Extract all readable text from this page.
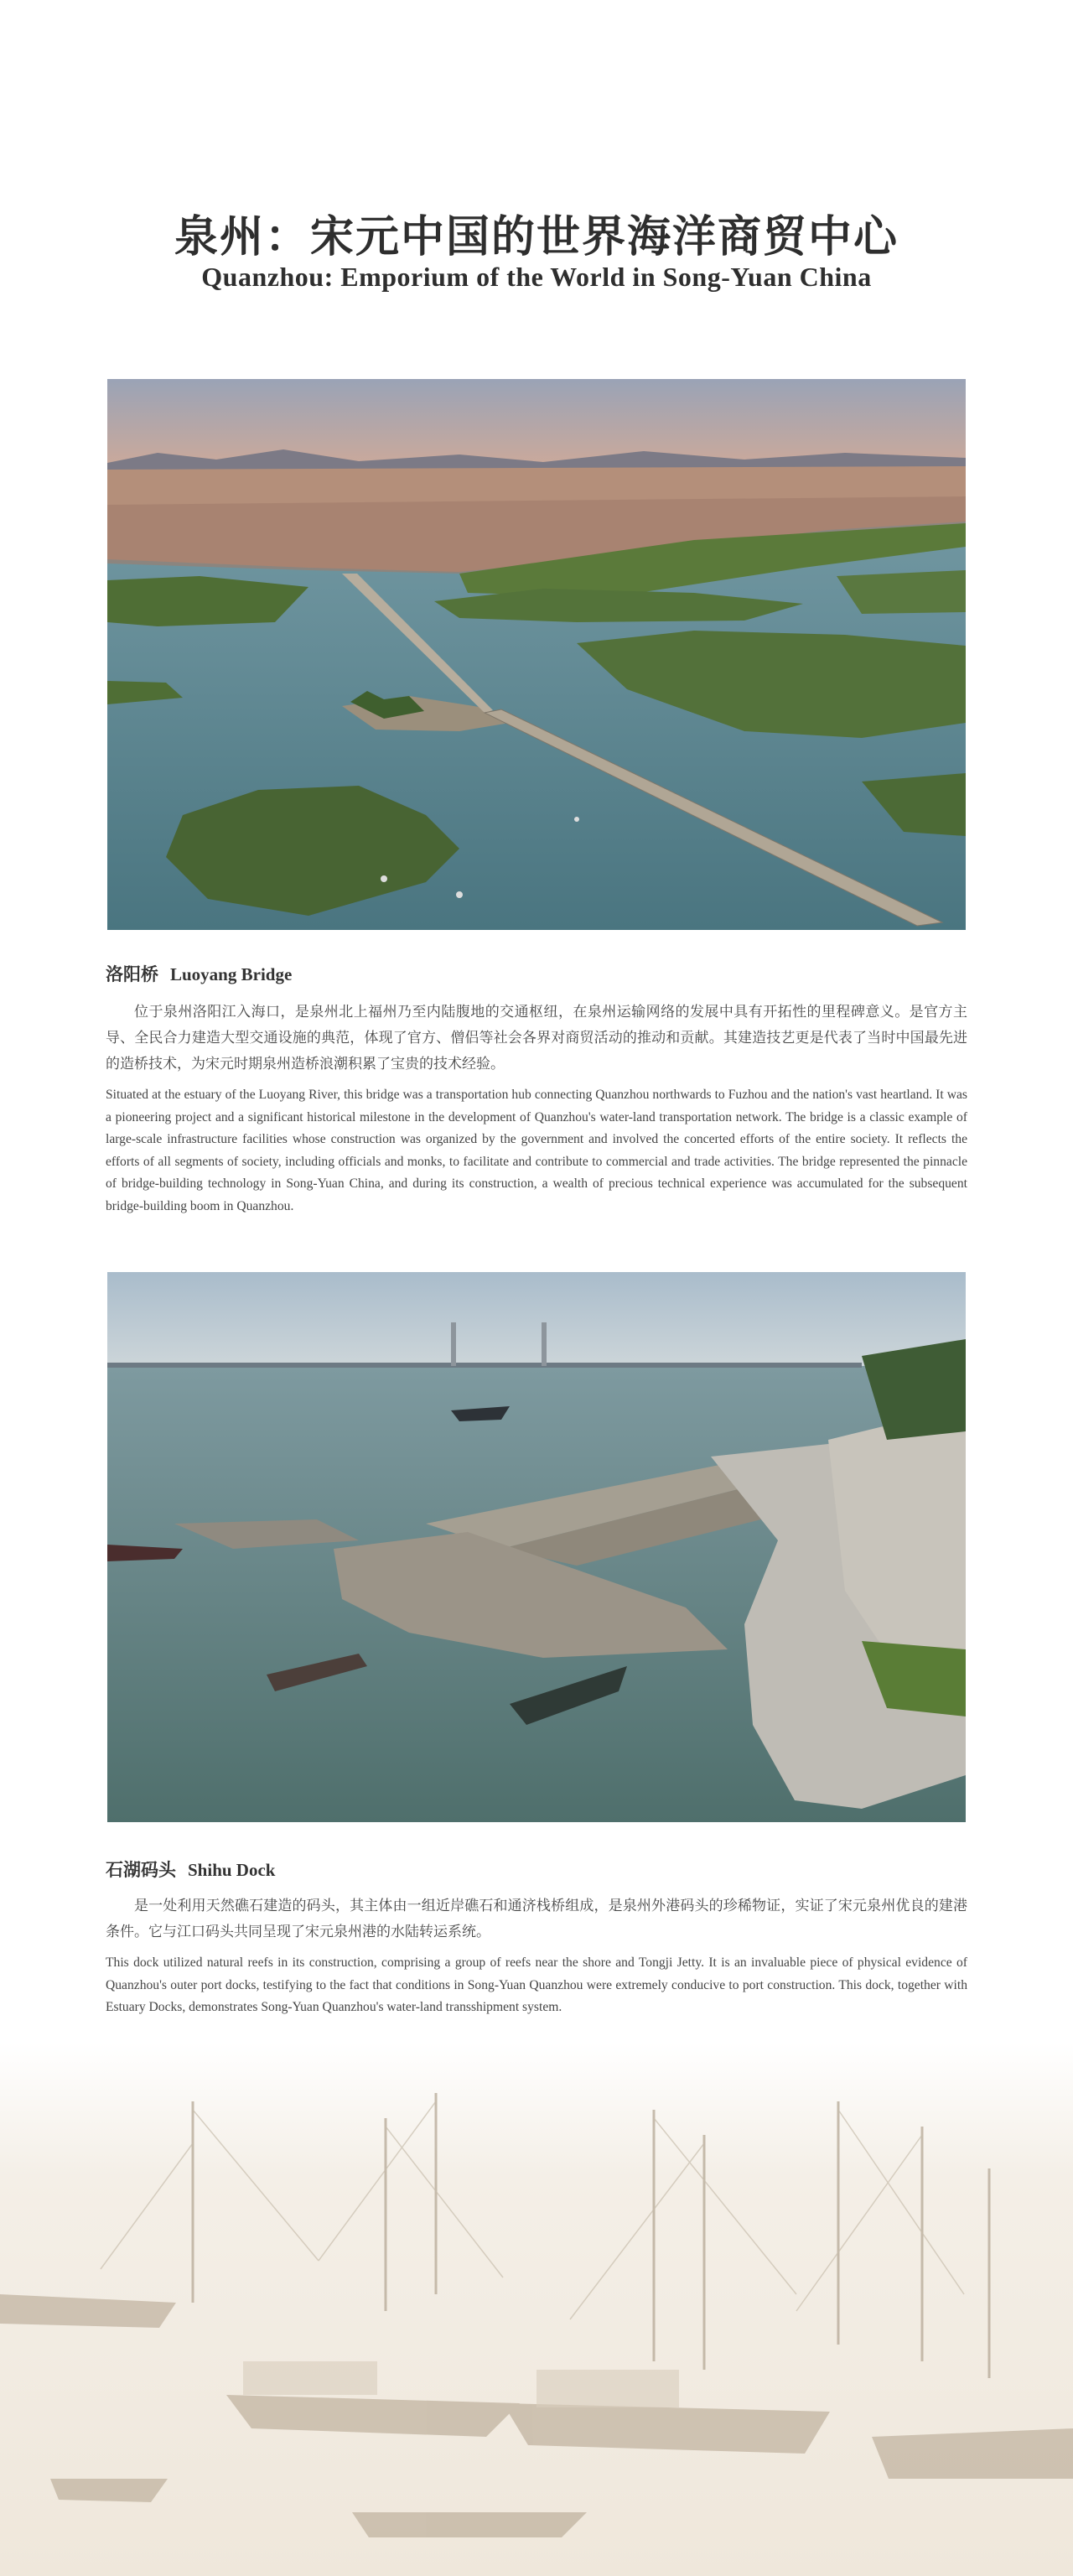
泉州：宋元中国的世界海洋商贸中心
Quanzhou: Emporium of the World in Song-Yuan China
洛阳桥 Luoyang Bridge

位于泉州洛阳江入海口，是泉州北上福州乃至内陆腹地的交通枢纽，在泉州运输网络的发展中具有开拓性的里程碑意义。是官方主导、全民合力建造大型交通设施的典范，体现了官方、僧侣等社会各界对商贸活动的推动和贡献。其建造技艺更是代表了当时中国最先进的造桥技术，为宋元时期泉州造桥浪潮积累了宝贵的技术经验。

Situated at the estuary of the Luoyang River, this bridge was a transportation hub connecting Quanzhou northwards to Fuzhou and the nation's vast heartland. It was a pioneering project and a significant historical milestone in the development of Quanzhou's water-land transportation network. The bridge is a classic example of large-scale infrastructure facilities whose construction was organized by the government and involved the concerted efforts of the entire society. It reflects the efforts of all segments of society, including officials and monks, to facilitate and contribute to commercial and trade activities. The bridge represented the pinnacle of bridge-building technology in Song-Yuan China, and during its construction, a wealth of precious technical experience was accumulated for the subsequent bridge-building boom in Quanzhou.

石湖码头 Shihu Dock

是一处利用天然礁石建造的码头，其主体由一组近岸礁石和通济栈桥组成，是泉州外港码头的珍稀物证，实证了宋元泉州优良的建港条件。它与江口码头共同呈现了宋元泉州港的水陆转运系统。

This dock utilized natural reefs in its construction, comprising a group of reefs near the shore and Tongji Jetty. It is an invaluable piece of physical evidence of Quanzhou's outer port docks, testifying to the fact that conditions in Song-Yuan Quanzhou were extremely conducive to port construction. This dock, together with Estuary Docks, demonstrates Song-Yuan Quanzhou's water-land transshipment system.
